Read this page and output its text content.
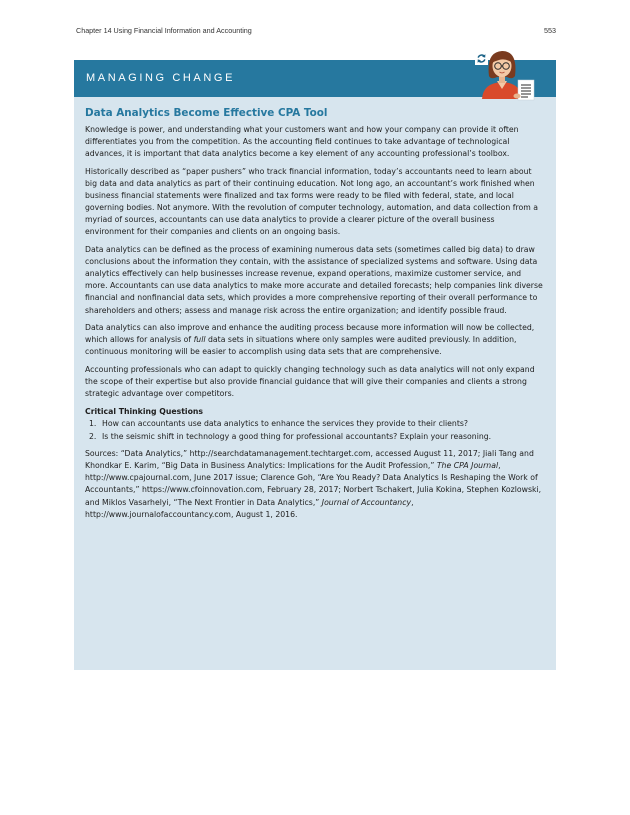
Chapter 14 Using Financial Information and Accounting	553
MANAGING CHANGE
Data Analytics Become Effective CPA Tool

Knowledge is power, and understanding what your customers want and how your company can provide it often differentiates you from the competition. As the accounting field continues to take advantage of technological advances, it is important that data analytics become a key element of any accounting professional’s toolbox.

Historically described as “paper pushers” who track financial information, today’s accountants need to learn about big data and data analytics as part of their continuing education. Not long ago, an accountant’s work finished when business financial statements were finalized and tax forms were ready to be filed with federal, state, and local governing bodies. Not anymore. With the revolution of computer technology, automation, and data collection from a myriad of sources, accountants can use data analytics to provide a clearer picture of the overall business environment for their companies and clients on an ongoing basis.

Data analytics can be defined as the process of examining numerous data sets (sometimes called big data) to draw conclusions about the information they contain, with the assistance of specialized systems and software. Using data analytics effectively can help businesses increase revenue, expand operations, maximize customer service, and more. Accountants can use data analytics to make more accurate and detailed forecasts; help companies link diverse financial and nonfinancial data sets, which provides a more comprehensive reporting of their overall performance to shareholders and others; assess and manage risk across the entire organization; and identify possible fraud.

Data analytics can also improve and enhance the auditing process because more information will now be collected, which allows for analysis of full data sets in situations where only samples were audited previously. In addition, continuous monitoring will be easier to accomplish using data sets that are comprehensive.

Accounting professionals who can adapt to quickly changing technology such as data analytics will not only expand the scope of their expertise but also provide financial guidance that will give their companies and clients a strong strategic advantage over competitors.

Critical Thinking Questions
1. How can accountants use data analytics to enhance the services they provide to their clients?
2. Is the seismic shift in technology a good thing for professional accountants? Explain your reasoning.

Sources: “Data Analytics,” http://searchdatamanagement.techtarget.com, accessed August 11, 2017; Jiali Tang and Khondkar E. Karim, “Big Data in Business Analytics: Implications for the Audit Profession,” The CPA Journal, http://www.cpajournal.com, June 2017 issue; Clarence Goh, “Are You Ready? Data Analytics Is Reshaping the Work of Accountants,” https://www.cfoinnovation.com, February 28, 2017; Norbert Tschakert, Julia Kokina, Stephen Kozlowski, and Miklos Vasarhelyi, “The Next Frontier in Data Analytics,” Journal of Accountancy, http://www.journalofaccountancy.com, August 1, 2016.
